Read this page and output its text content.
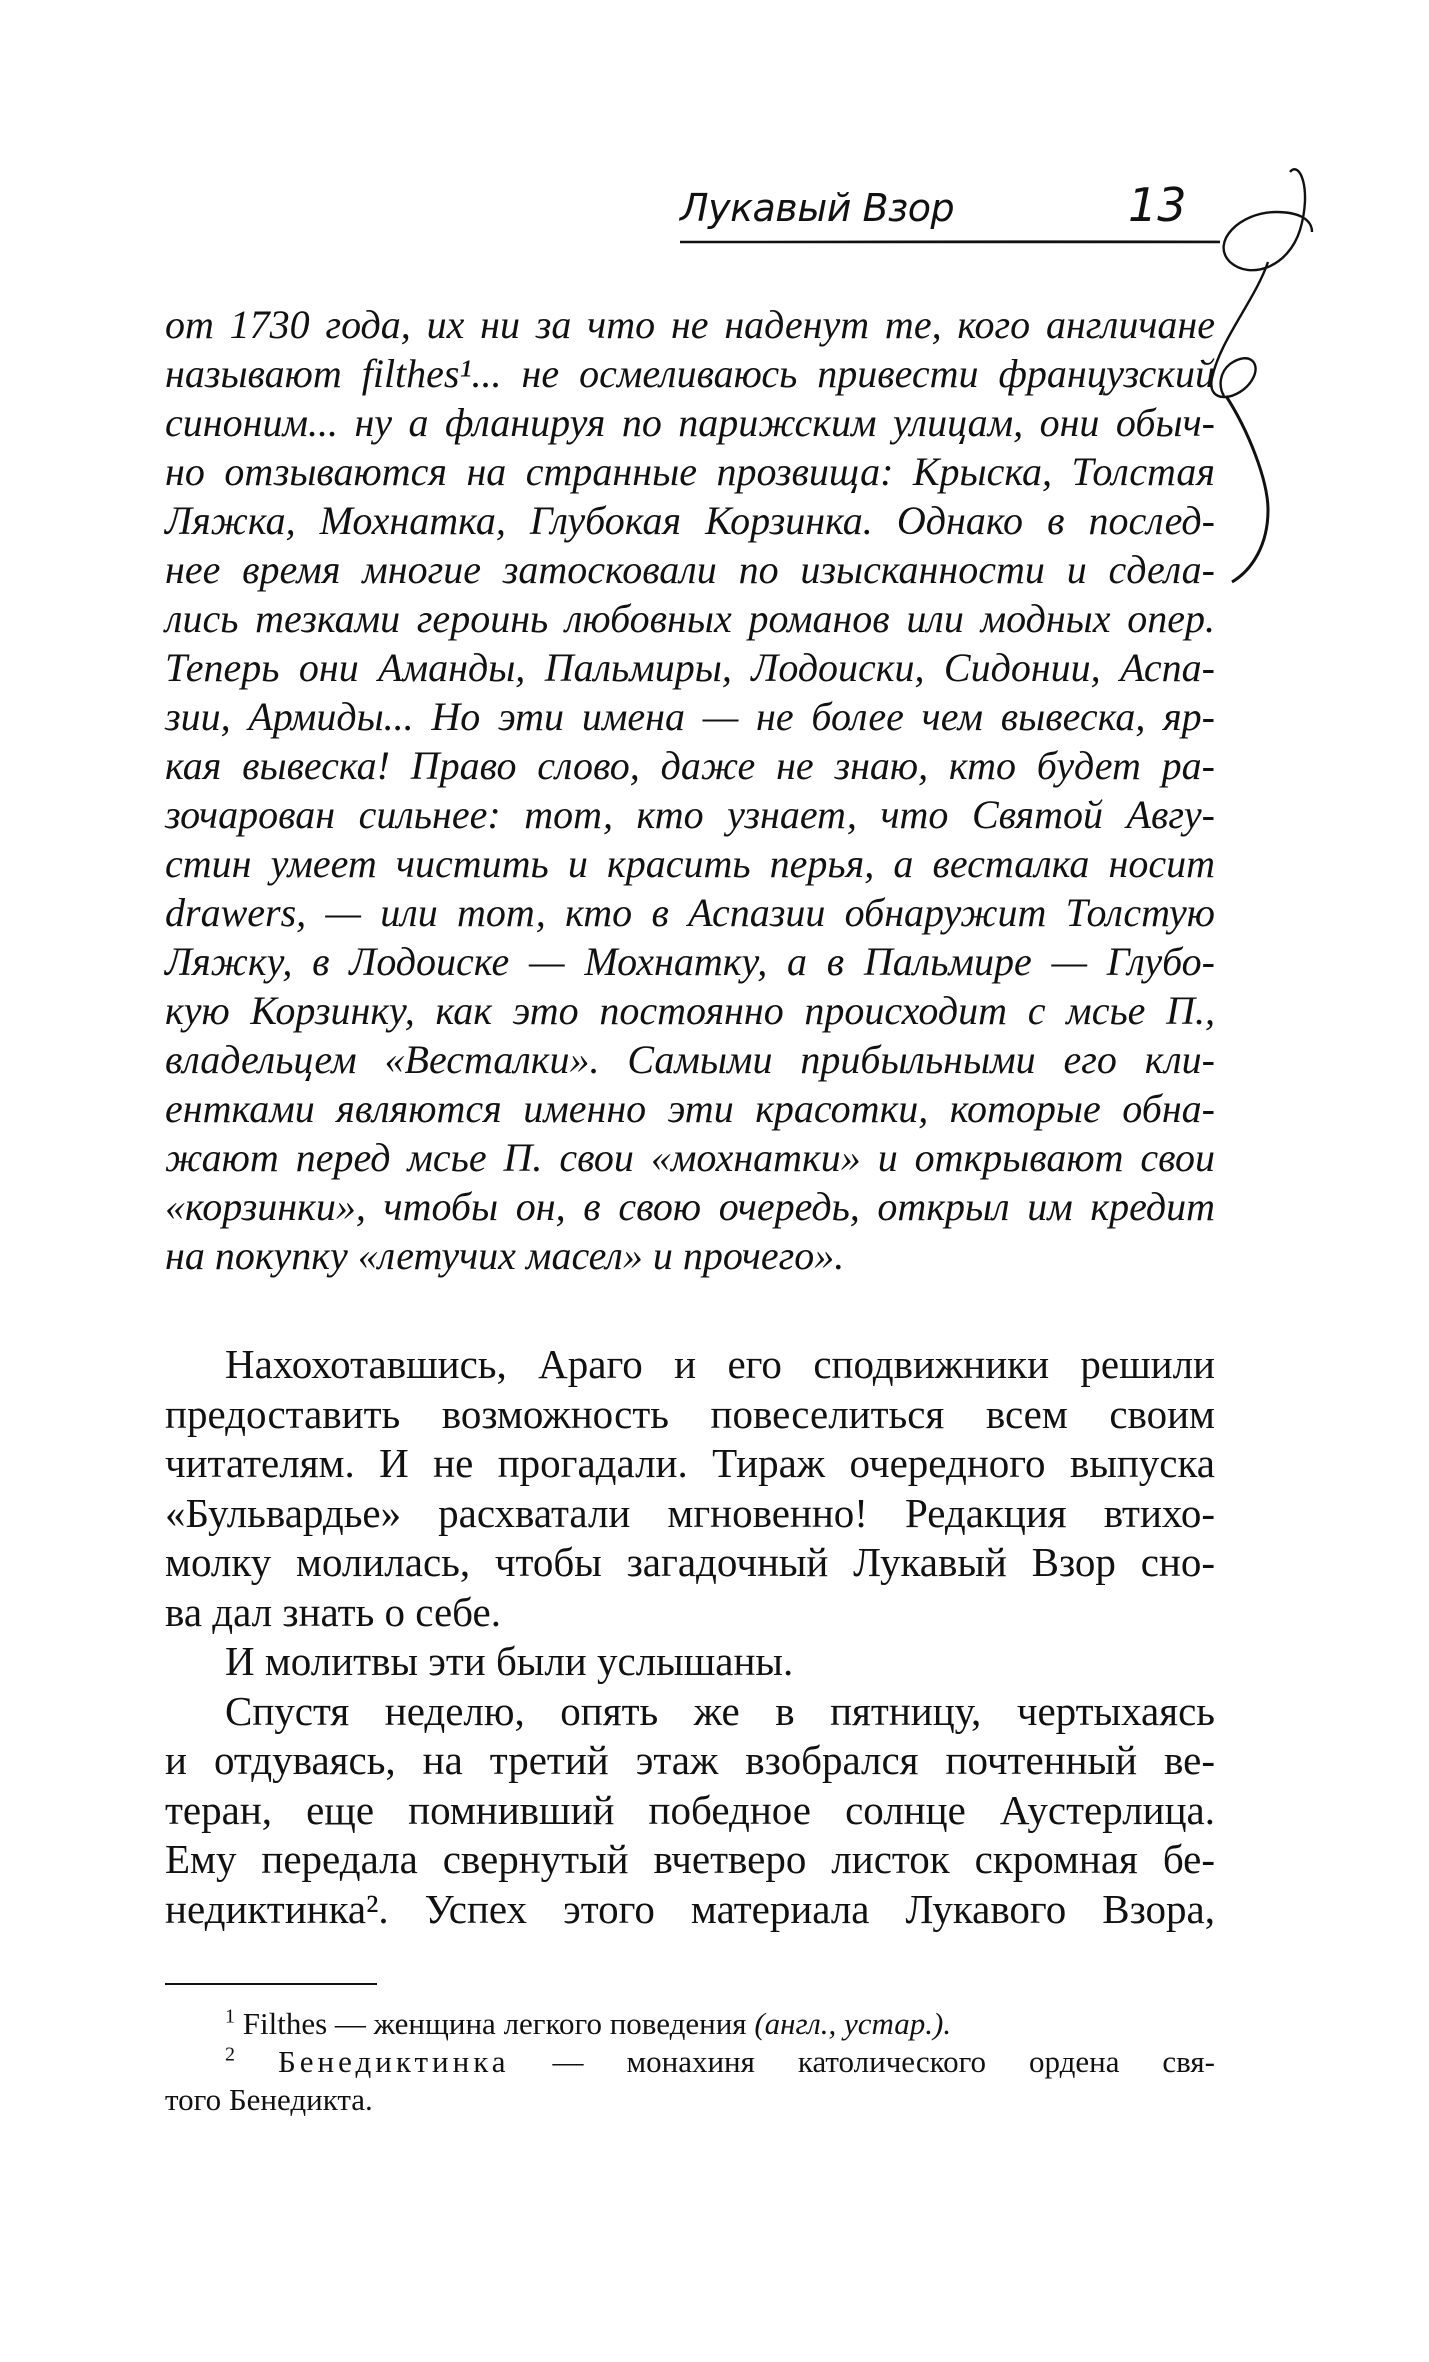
Лукавый Взор	13
от 1730 года, их ни за что не наденут те, кого англичане
называют filthes¹... не осмеливаюсь привести французский
синоним... ну а фланируя по парижским улицам, они обыч-
но отзываются на странные прозвища: Крыска, Толстая
Ляжка, Мохнатка, Глубокая Корзинка. Однако в послед-
нее время многие затосковали по изысканности и сдела-
лись тезками героинь любовных романов или модных опер.
Теперь они Аманды, Пальмиры, Лодоиски, Сидонии, Аспа-
зии, Армиды... Но эти имена — не более чем вывеска, яр-
кая вывеска! Право слово, даже не знаю, кто будет ра-
зочарован сильнее: тот, кто узнает, что Святой Авгу-
стин умеет чистить и красить перья, а весталка носит
drawers, — или тот, кто в Аспазии обнаружит Толстую
Ляжку, в Лодоиске — Мохнатку, а в Пальмире — Глубо-
кую Корзинку, как это постоянно происходит с мсье П.,
владельцем «Весталки». Самыми прибыльными его кли-
ентками являются именно эти красотки, которые обна-
жают перед мсье П. свои «мохнатки» и открывают свои
«корзинки», чтобы он, в свою очередь, открыл им кредит
на покупку «летучих масел» и прочего».
Нахохотавшись, Араго и его сподвижники решили
предоставить возможность повеселиться всем своим
читателям. И не прогадали. Тираж очередного выпуска
«Бульвардье» расхватали мгновенно! Редакция втихо-
молку молилась, чтобы загадочный Лукавый Взор сно-
ва дал знать о себе.
И молитвы эти были услышаны.
Спустя неделю, опять же в пятницу, чертыхаясь
и отдуваясь, на третий этаж взобрался почтенный ве-
теран, еще помнивший победное солнце Аустерлица.
Ему передала свернутый вчетверо листок скромная бе-
недиктинка². Успех этого материала Лукавого Взора,
$^1$ Filthes — женщина легкого поведения (англ., устар.).
$^2$ Бенедиктинка — монахиня католического ордена свя-
того Бенедикта.
